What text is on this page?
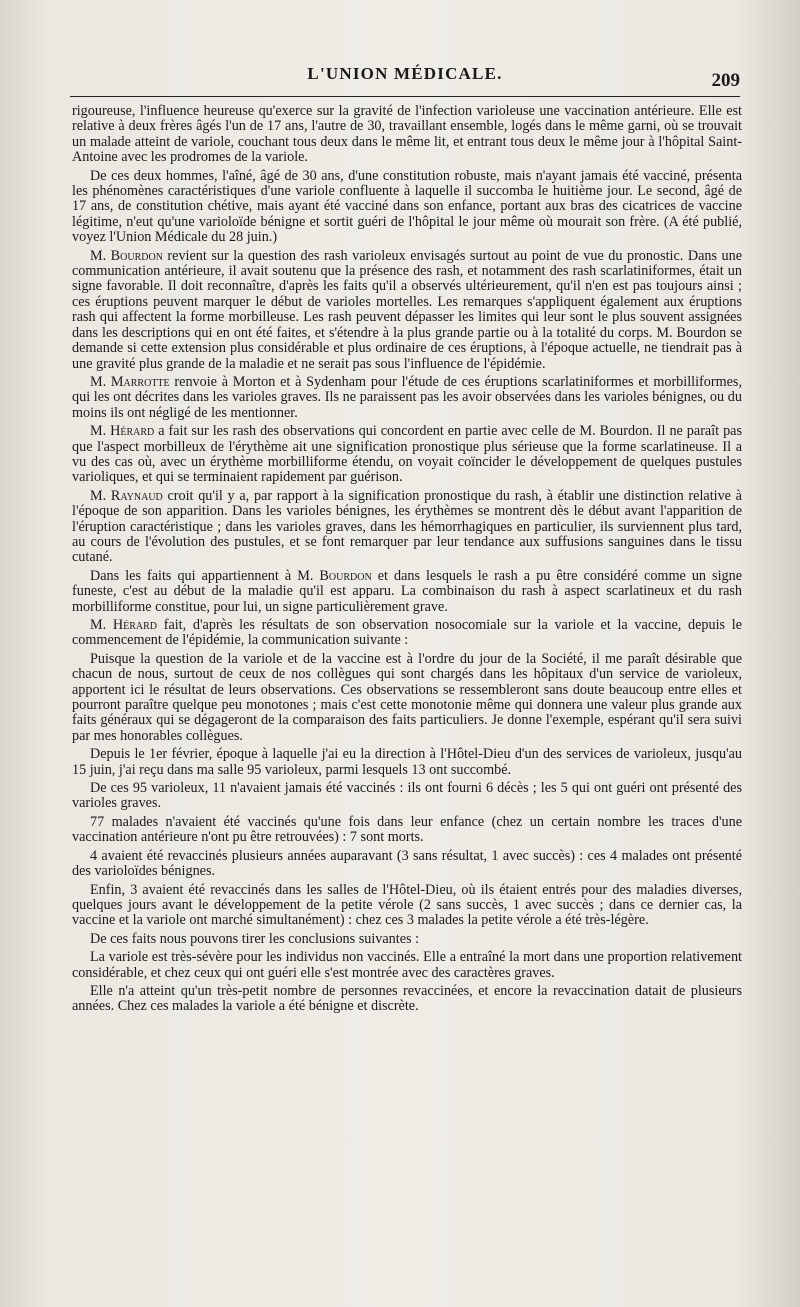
L'UNION MÉDICALE.	209

rigoureuse, l'influence heureuse qu'exerce sur la gravité de l'infection varioleuse une vaccination antérieure. Elle est relative à deux frères âgés l'un de 17 ans, l'autre de 30, travaillant ensemble, logés dans le même garni, où se trouvait un malade atteint de variole, couchant tous deux dans le même lit, et entrant tous deux le même jour à l'hôpital Saint-Antoine avec les prodromes de la variole.

De ces deux hommes, l'aîné, âgé de 30 ans, d'une constitution robuste, mais n'ayant jamais été vacciné, présenta les phénomènes caractéristiques d'une variole confluente à laquelle il succomba le huitième jour. Le second, âgé de 17 ans, de constitution chétive, mais ayant été vacciné dans son enfance, portant aux bras des cicatrices de vaccine légitime, n'eut qu'une varioloïde bénigne et sortit guéri de l'hôpital le jour même où mourait son frère. (A été publié, voyez l'Union Médicale du 28 juin.)

M. Bourdon revient sur la question des rash varioleux envisagés surtout au point de vue du pronostic. Dans une communication antérieure, il avait soutenu que la présence des rash, et notamment des rash scarlatiniformes, était un signe favorable. Il doit reconnaître, d'après les faits qu'il a observés ultérieurement, qu'il n'en est pas toujours ainsi ; ces éruptions peuvent marquer le début de varioles mortelles. Les remarques s'appliquent également aux éruptions rash qui affectent la forme morbilleuse. Les rash peuvent dépasser les limites qui leur sont le plus souvent assignées dans les descriptions qui en ont été faites, et s'étendre à la plus grande partie ou à la totalité du corps. M. Bourdon se demande si cette extension plus considérable et plus ordinaire de ces éruptions, à l'époque actuelle, ne tiendrait pas à une gravité plus grande de la maladie et ne serait pas sous l'influence de l'épidémie.

M. Marrotte renvoie à Morton et à Sydenham pour l'étude de ces éruptions scarlatiniformes et morbilliformes, qui les ont décrites dans les varioles graves. Ils ne paraissent pas les avoir observées dans les varioles bénignes, ou du moins ils ont négligé de les mentionner.

M. Hérard a fait sur les rash des observations qui concordent en partie avec celle de M. Bourdon. Il ne paraît pas que l'aspect morbilleux de l'érythème ait une signification pronostique plus sérieuse que la forme scarlatineuse. Il a vu des cas où, avec un érythème morbilliforme étendu, on voyait coïncider le développement de quelques pustules varioliques, et qui se terminaient rapidement par guérison.

M. Raynaud croit qu'il y a, par rapport à la signification pronostique du rash, à établir une distinction relative à l'époque de son apparition. Dans les varioles bénignes, les érythèmes se montrent dès le début avant l'apparition de l'éruption caractéristique ; dans les varioles graves, dans les hémorrhagiques en particulier, ils surviennent plus tard, au cours de l'évolution des pustules, et se font remarquer par leur tendance aux suffusions sanguines dans le tissu cutané.

Dans les faits qui appartiennent à M. Bourdon et dans lesquels le rash a pu être considéré comme un signe funeste, c'est au début de la maladie qu'il est apparu. La combinaison du rash à aspect scarlatineux et du rash morbilliforme constitue, pour lui, un signe particulièrement grave.

M. Hérard fait, d'après les résultats de son observation nosocomiale sur la variole et la vaccine, depuis le commencement de l'épidémie, la communication suivante :

Puisque la question de la variole et de la vaccine est à l'ordre du jour de la Société, il me paraît désirable que chacun de nous, surtout de ceux de nos collègues qui sont chargés dans les hôpitaux d'un service de varioleux, apportent ici le résultat de leurs observations. Ces observations se ressembleront sans doute beaucoup entre elles et pourront paraître quelque peu monotones ; mais c'est cette monotonie même qui donnera une valeur plus grande aux faits généraux qui se dégageront de la comparaison des faits particuliers. Je donne l'exemple, espérant qu'il sera suivi par mes honorables collègues.

Depuis le 1er février, époque à laquelle j'ai eu la direction à l'Hôtel-Dieu d'un des services de varioleux, jusqu'au 15 juin, j'ai reçu dans ma salle 95 varioleux, parmi lesquels 13 ont succombé.

De ces 95 varioleux, 11 n'avaient jamais été vaccinés : ils ont fourni 6 décès ; les 5 qui ont guéri ont présenté des varioles graves.

77 malades n'avaient été vaccinés qu'une fois dans leur enfance (chez un certain nombre les traces d'une vaccination antérieure n'ont pu être retrouvées) : 7 sont morts.

4 avaient été revaccinés plusieurs années auparavant (3 sans résultat, 1 avec succès) : ces 4 malades ont présenté des varioloïdes bénignes.

Enfin, 3 avaient été revaccinés dans les salles de l'Hôtel-Dieu, où ils étaient entrés pour des maladies diverses, quelques jours avant le développement de la petite vérole (2 sans succès, 1 avec succès ; dans ce dernier cas, la vaccine et la variole ont marché simultanément) : chez ces 3 malades la petite vérole a été très-légère.

De ces faits nous pouvons tirer les conclusions suivantes :

La variole est très-sévère pour les individus non vaccinés. Elle a entraîné la mort dans une proportion relativement considérable, et chez ceux qui ont guéri elle s'est montrée avec des caractères graves.

Elle n'a atteint qu'un très-petit nombre de personnes revaccinées, et encore la revaccination datait de plusieurs années. Chez ces malades la variole a été bénigne et discrète.
